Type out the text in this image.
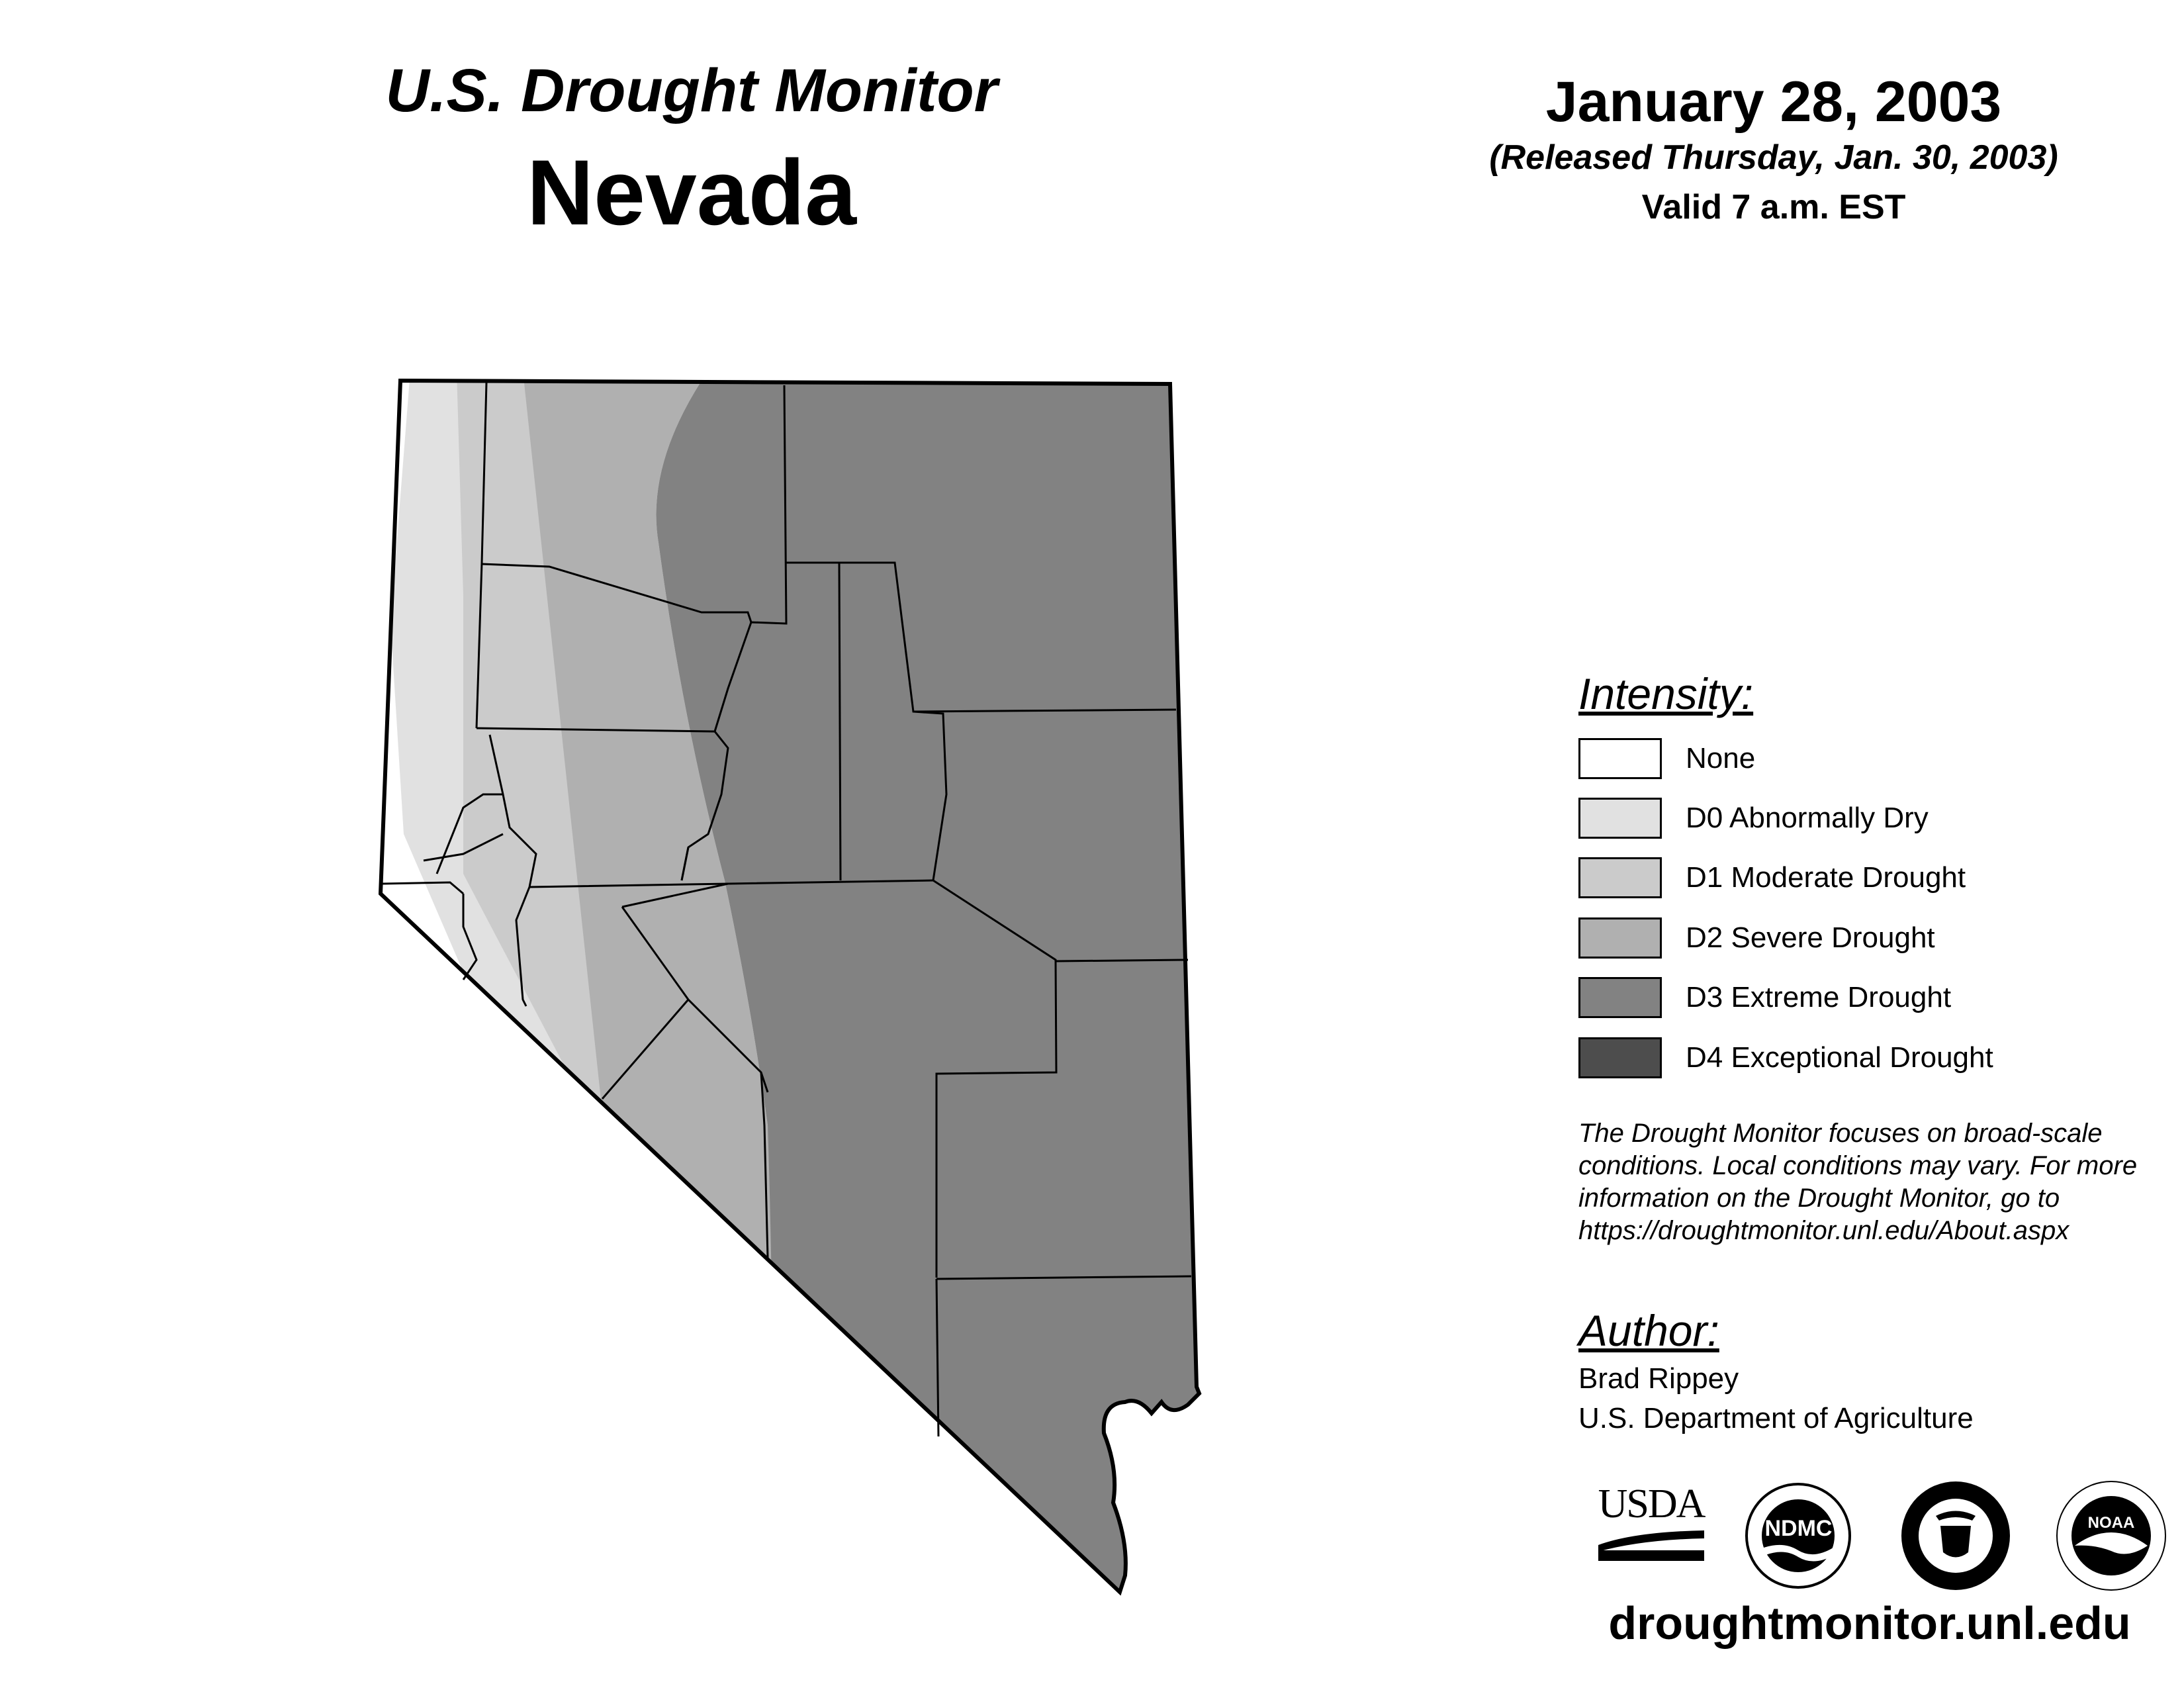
U.S. Drought Monitor
Nevada
January 28, 2003
(Released Thursday, Jan. 30, 2003)
Valid 7 a.m. EST
Intensity:
None
D0 Abnormally Dry
D1 Moderate Drought
D2 Severe Drought
D3 Extreme Drought
D4 Exceptional Drought
The Drought Monitor focuses on broad-scale
conditions. Local conditions may vary. For more
information on the Drought Monitor, go to
https://droughtmonitor.unl.edu/About.aspx
Author:
Brad Rippey
U.S. Department of Agriculture
USDA
NDMC	NOAA
droughtmonitor.unl.edu
